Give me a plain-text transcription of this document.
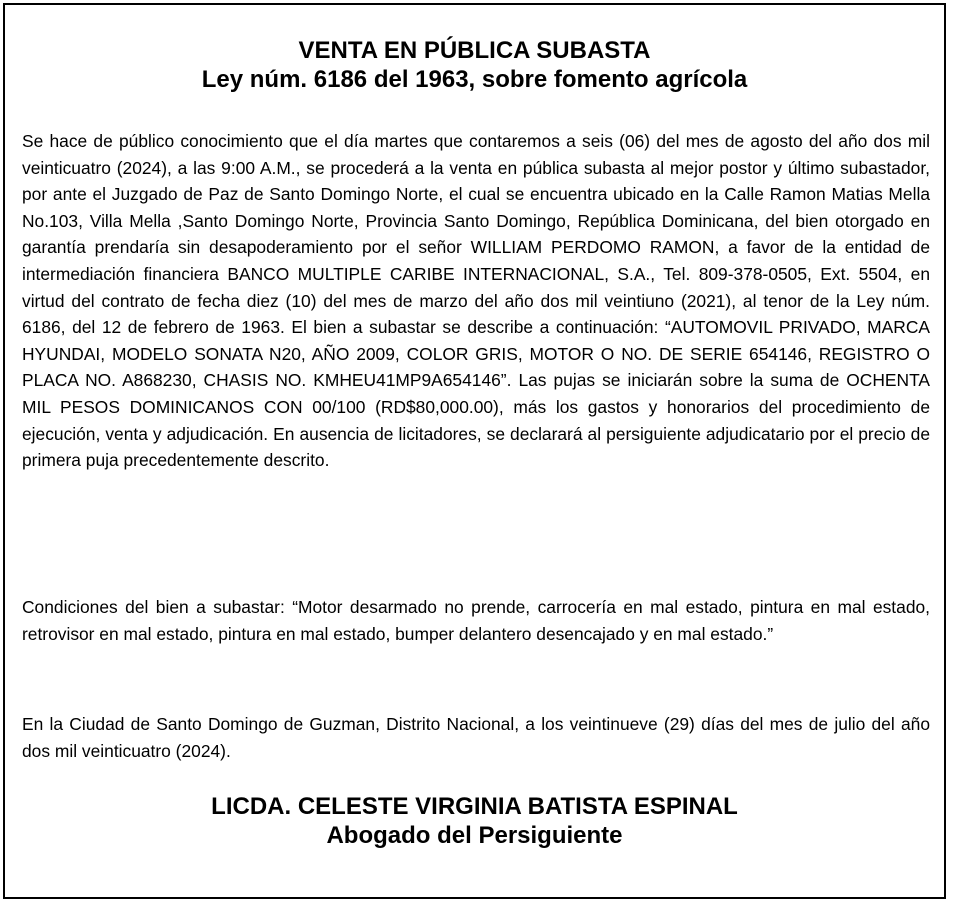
VENTA EN PÚBLICA SUBASTA

Ley núm. 6186 del 1963, sobre fomento agrícola

Se hace de público conocimiento que el día martes que contaremos a seis (06) del mes de agosto del año dos mil veinticuatro (2024), a las 9:00 A.M., se procederá a la venta en pública subasta al mejor postor y último subastador, por ante el Juzgado de Paz de Santo Domingo Norte, el cual se encuentra ubicado en la Calle Ramon Matias Mella No.103, Villa Mella ,Santo Domingo Norte, Provincia Santo Domingo, República Dominicana, del bien otorgado en garantía prendaría sin desapoderamiento por el señor WILLIAM PERDOMO RAMON, a favor de la entidad de intermediación financiera BANCO MULTIPLE CARIBE INTERNACIONAL, S.A., Tel. 809-378-0505, Ext. 5504, en virtud del contrato de fecha diez (10) del mes de marzo del año dos mil veintiuno (2021), al tenor de la Ley núm. 6186, del 12 de febrero de 1963. El bien a subastar se describe a continuación: “AUTOMOVIL PRIVADO, MARCA HYUNDAI, MODELO SONATA N20, AÑO 2009, COLOR GRIS, MOTOR O NO. DE SERIE 654146, REGISTRO O PLACA NO. A868230, CHASIS NO. KMHEU41MP9A654146”. Las pujas se iniciarán sobre la suma de OCHENTA MIL PESOS DOMINICANOS CON 00/100 (RD$80,000.00), más los gastos y honorarios del procedimiento de ejecución, venta y adjudicación. En ausencia de licitadores, se declarará al persiguiente adjudicatario por el precio de primera puja precedentemente descrito.

Condiciones del bien a subastar: “Motor desarmado no prende, carrocería en mal estado, pintura en mal estado, retrovisor en mal estado, pintura en mal estado, bumper delantero desencajado y en mal estado.”

En la Ciudad de Santo Domingo de Guzman, Distrito Nacional, a los veintinueve (29) días del mes de julio del año dos mil veinticuatro (2024).

LICDA. CELESTE VIRGINIA BATISTA ESPINAL

Abogado del Persiguiente
